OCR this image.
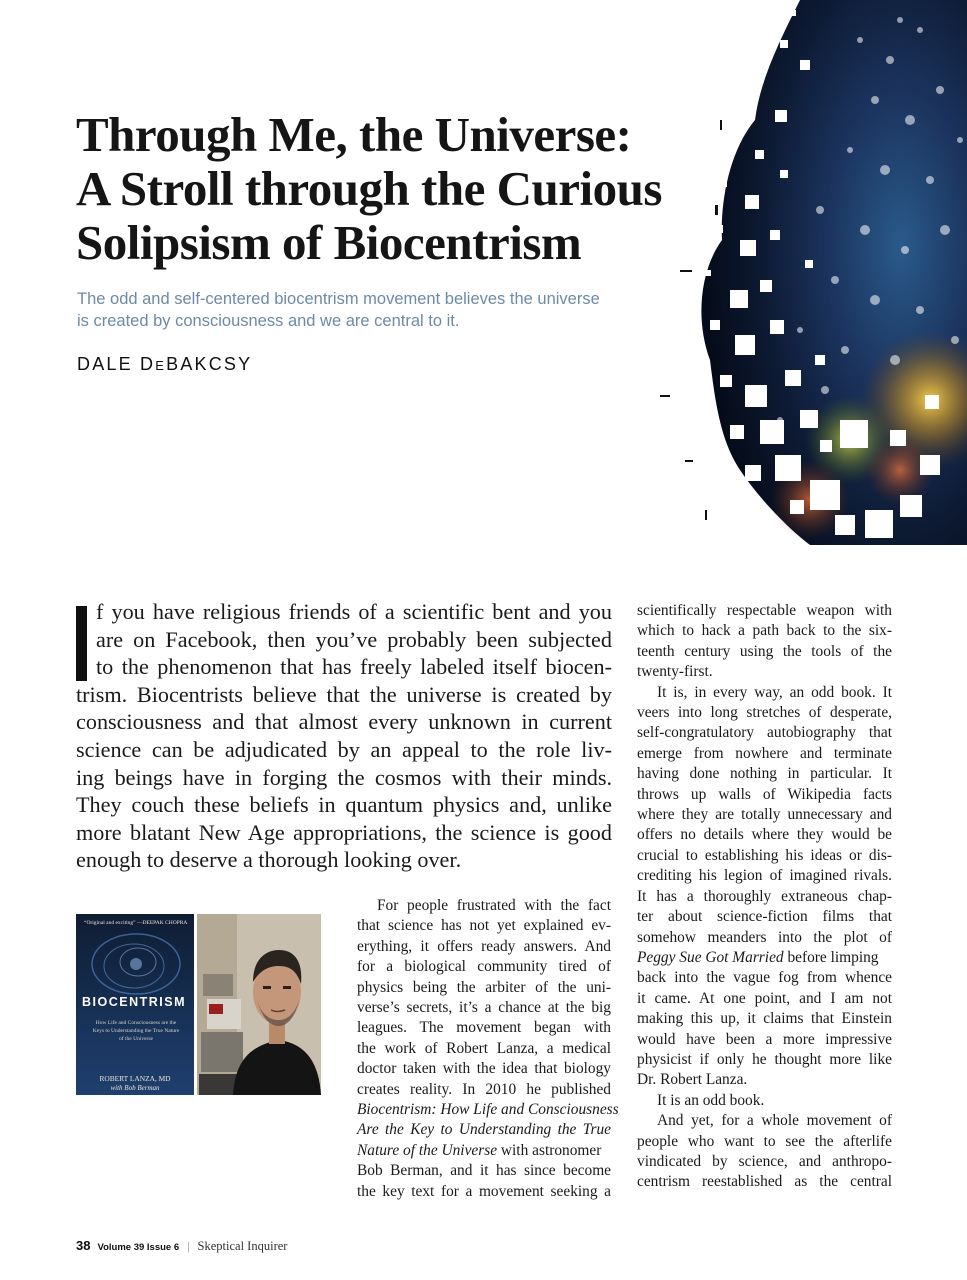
Through Me, the Universe:
A Stroll through the Curious
Solipsism of Biocentrism
The odd and self-centered biocentrism movement believes the universe
is created by consciousness and we are central to it.
DALE DEBAKCSY
f you have religious friends of a scientific bent and you
are on Facebook, then you’ve probably been subjected
to the phenomenon that has freely labeled itself biocen-
trism. Biocentrists believe that the universe is created by
consciousness and that almost every unknown in current
science can be adjudicated by an appeal to the role liv-
ing beings have in forging the cosmos with their minds.
They couch these beliefs in quantum physics and, unlike
more blatant New Age appropriations, the science is good
enough to deserve a thorough looking over.
“Original and exciting” —DEEPAK CHOPRA
BIOCENTRISM
How Life and Consciousness are the
Keys to Understanding the True Nature
of the Universe
ROBERT LANZA, MD
with Bob Berman
For people frustrated with the fact
that science has not yet explained ev-
erything, it offers ready answers. And
for a biological community tired of
physics being the arbiter of the uni-
verse’s secrets, it’s a chance at the big
leagues. The movement began with
the work of Robert Lanza, a medical
doctor taken with the idea that biology
creates reality. In 2010 he published
Biocentrism: How Life and Consciousness
Are the Key to Understanding the True
Nature of the Universe with astronomer
Bob Berman, and it has since become
the key text for a movement seeking a
scientifically respectable weapon with
which to hack a path back to the six-
teenth century using the tools of the
twenty-first.
It is, in every way, an odd book. It
veers into long stretches of desperate,
self-congratulatory autobiography that
emerge from nowhere and terminate
having done nothing in particular. It
throws up walls of Wikipedia facts
where they are totally unnecessary and
offers no details where they would be
crucial to establishing his ideas or dis-
crediting his legion of imagined rivals.
It has a thoroughly extraneous chap-
ter about science-fiction films that
somehow meanders into the plot of
Peggy Sue Got Married before limping
back into the vague fog from whence
it came. At one point, and I am not
making this up, it claims that Einstein
would have been a more impressive
physicist if only he thought more like
Dr. Robert Lanza.
It is an odd book.
And yet, for a whole movement of
people who want to see the afterlife
vindicated by science, and anthropo-
centrism reestablished as the central
38 Volume 39 Issue 6 | Skeptical Inquirer
